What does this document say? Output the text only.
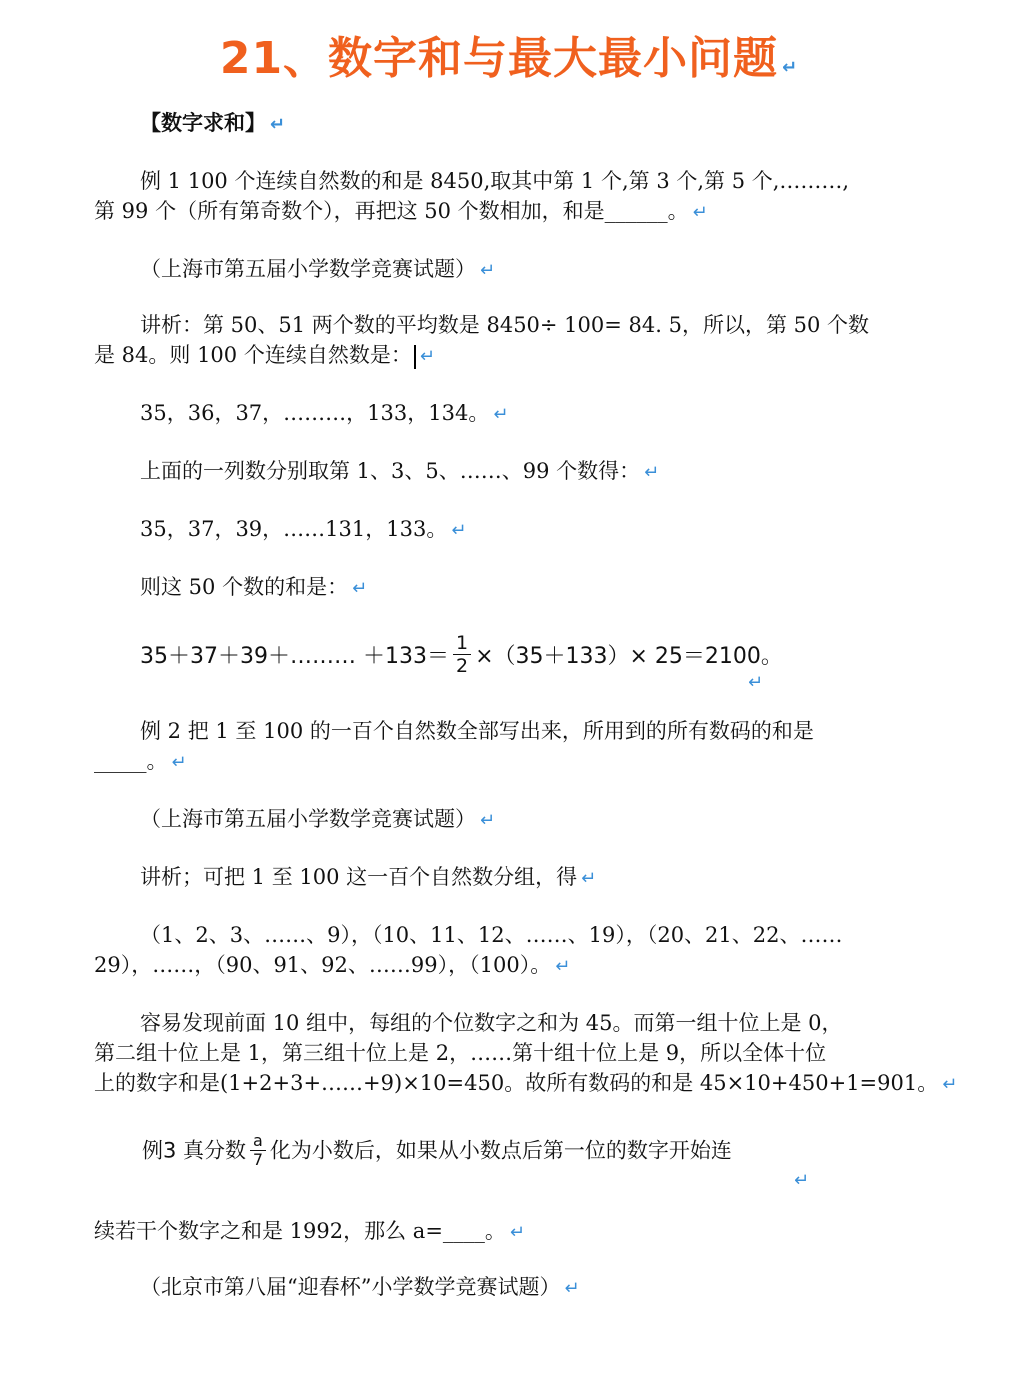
21、数字和与最大最小问题 ↵
【数字求和】 ↵
例 1 100 个连续自然数的和是 8450,取其中第 1 个,第 3 个,第 5 个,………,
第 99 个（所有第奇数个），再把这 50 个数相加，和是______。 ↵
（上海市第五届小学数学竞赛试题） ↵
讲析：第 50、51 两个数的平均数是 8450÷ 100= 84. 5，所以，第 50 个数
是 84。则 100 个连续自然数是： ↵
35，36，37，………，133，134。 ↵
上面的一列数分别取第 1、3、5、……、99 个数得： ↵
35，37，39，……131，133。 ↵
则这 50 个数的和是： ↵
35＋37＋39＋……… $+133= \frac{1}{2} \times(35+133)\times 25=2100$。
↵
例 2 把 1 至 100 的一百个自然数全部写出来，所用到的所有数码的和是
_____。 ↵
（上海市第五届小学数学竞赛试题） ↵
讲析；可把 1 至 100 这一百个自然数分组，得 ↵
（1、2、3、……、9），（10、11、12、……、19），（20、21、22、……
29），……，（90、91、92、……99），（100）。 ↵
容易发现前面 10 组中，每组的个位数字之和为 45。而第一组十位上是 0，
第二组十位上是 1，第三组十位上是 2，……第十组十位上是 9，所以全体十位
上的数字和是(1+2+3+……+9)×10=450。故所有数码的和是 45×10+450+1=901。 ↵
例3 真分数 $\frac{a}{7}$ 化为小数后，如果从小数点后第一位的数字开始连
↵
续若干个数字之和是 1992，那么 a=____。 ↵
（北京市第八届“迎春杯”小学数学竞赛试题） ↵
